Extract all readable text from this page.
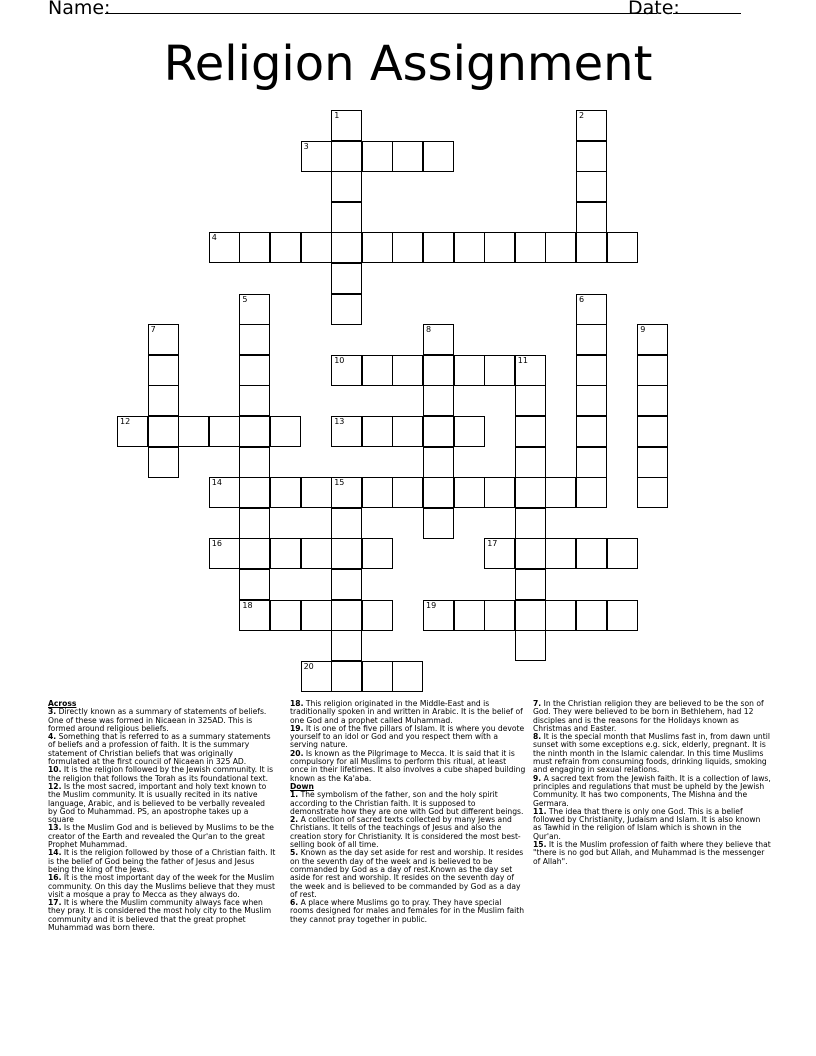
Name:	Date:
Religion Assignment
1	2
3
4
5
18
6
7	8	9
10	11
12	13
14	15
16	17
19
20
Across
3. Directly known as a summary of statements of beliefs. One of these was formed in Nicaean in 325AD. This is formed around religious beliefs.
4. Something that is referred to as a summary statements of beliefs and a profession of faith. It is the summary statement of Christian beliefs that was originally formulated at the first council of Nicaean in 325 AD.
10. It is the religion followed by the Jewish community. It is the religion that follows the Torah as its foundational text.
12. Is the most sacred, important and holy text known to the Muslim community. It is usually recited in its native language, Arabic, and is believed to be verbally revealed by God to Muhammad. PS, an apostrophe takes up a square
13. Is the Muslim God and is believed by Muslims to be the creator of the Earth and revealed the Qur'an to the great Prophet Muhammad.
14. It is the religion followed by those of a Christian faith. It is the belief of God being the father of Jesus and Jesus being the king of the Jews.
16. It is the most important day of the week for the Muslim community. On this day the Muslims believe that they must visit a mosque a pray to Mecca as they always do.
17. It is where the Muslim community always face when they pray. It is considered the most holy city to the Muslim community and it is believed that the great prophet Muhammad was born there.
18. This religion originated in the Middle-East and is traditionally spoken in and written in Arabic. It is the belief of one God and a prophet called Muhammad.
19. It is one of the five pillars of Islam. It is where you devote yourself to an idol or God and you respect them with a serving nature.
20. Is known as the Pilgrimage to Mecca. It is said that it is compulsory for all Muslims to perform this ritual, at least once in their lifetimes. It also involves a cube shaped building known as the Ka'aba.
Down
1. The symbolism of the father, son and the holy spirit according to the Christian faith. It is supposed to demonstrate how they are one with God but different beings.
2. A collection of sacred texts collected by many Jews and Christians. It tells of the teachings of Jesus and also the creation story for Christianity. It is considered the most best-selling book of all time.
5. Known as the day set aside for rest and worship. It resides on the seventh day of the week and is believed to be commanded by God as a day of rest.Known as the day set aside for rest and worship. It resides on the seventh day of the week and is believed to be commanded by God as a day of rest.
6. A place where Muslims go to pray. They have special rooms designed for males and females for in the Muslim faith they cannot pray together in public.
7. In the Christian religion they are believed to be the son of God. They were believed to be born in Bethlehem, had 12 disciples and is the reasons for the Holidays known as Christmas and Easter.
8. It is the special month that Muslims fast in, from dawn until sunset with some exceptions e.g. sick, elderly, pregnant. It is the ninth month in the Islamic calendar. In this time Muslims must refrain from consuming foods, drinking liquids, smoking and engaging in sexual relations.
9. A sacred text from the Jewish faith. It is a collection of laws, principles and regulations that must be upheld by the Jewish Community. It has two components, The Mishna and the Germara.
11. The idea that there is only one God. This is a belief followed by Christianity, Judaism and Islam. It is also known as Tawhid in the religion of Islam which is shown in the Qur'an.
15. It is the Muslim profession of faith where they believe that "there is no god but Allah, and Muhammad is the messenger of Allah".
